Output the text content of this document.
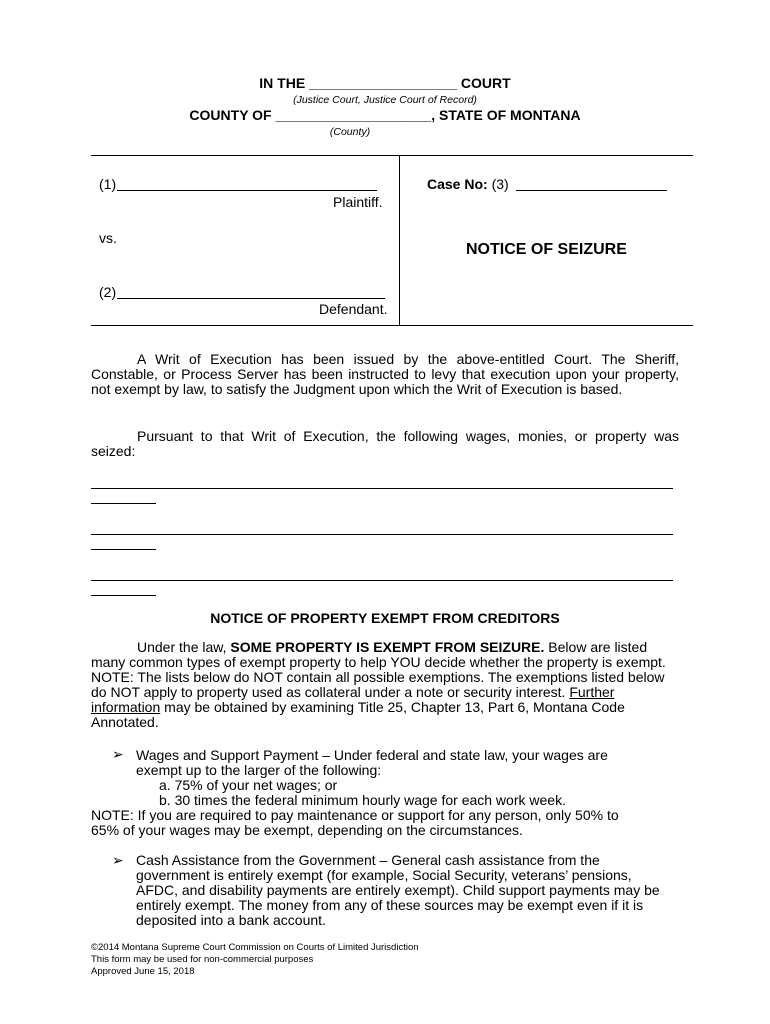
IN THE ___________________ COURT
(Justice Court, Justice Court of Record)
COUNTY OF ____________________, STATE OF MONTANA
(County)
(1)
Plaintiff.
vs.
(2)
Defendant.
Case No: (3)
NOTICE OF SEIZURE
A Writ of Execution has been issued by the above-entitled Court. The Sheriff, Constable, or Process Server has been instructed to levy that execution upon your property, not exempt by law, to satisfy the Judgment upon which the Writ of Execution is based.
Pursuant to that Writ of Execution, the following wages, monies, or property was seized:
NOTICE OF PROPERTY EXEMPT FROM CREDITORS
Under the law, SOME PROPERTY IS EXEMPT FROM SEIZURE. Below are listed many common types of exempt property to help YOU decide whether the property is exempt. NOTE: The lists below do NOT contain all possible exemptions. The exemptions listed below do NOT apply to property used as collateral under a note or security interest. Further information may be obtained by examining Title 25, Chapter 13, Part 6, Montana Code Annotated.
➢ Wages and Support Payment – Under federal and state law, your wages are
exempt up to the larger of the following:
a. 75% of your net wages; or
b. 30 times the federal minimum hourly wage for each work week.
NOTE: If you are required to pay maintenance or support for any person, only 50% to
65% of your wages may be exempt, depending on the circumstances.
➢ Cash Assistance from the Government – General cash assistance from the government is entirely exempt (for example, Social Security, veterans’ pensions, AFDC, and disability payments are entirely exempt). Child support payments may be entirely exempt. The money from any of these sources may be exempt even if it is deposited into a bank account.
©2014 Montana Supreme Court Commission on Courts of Limited Jurisdiction
This form may be used for non-commercial purposes
Approved June 15, 2018
